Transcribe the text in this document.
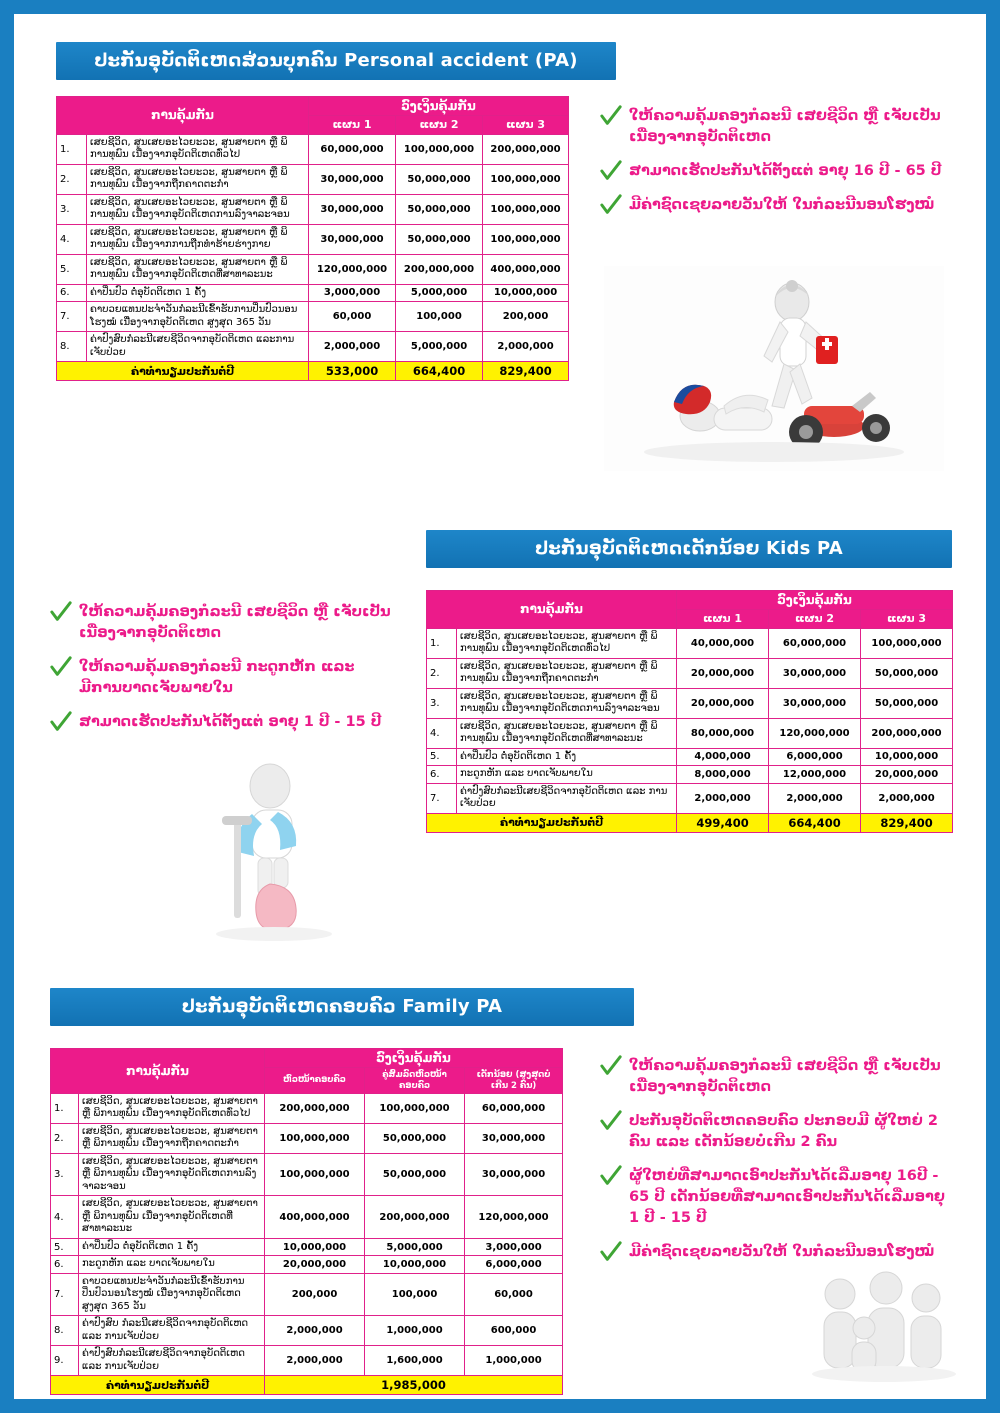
ປະກັນອຸບັດຕິເຫດສ່ວນບຸກຄົນ Personal accident (PA)
ການຄຸ້ມກັນ		ວົງເງິນຄຸ້ມກັນ		
		ແຜນ 1	ແຜນ 2	ແຜນ 3
1.	ເສຍຊີວິດ, ສູນເສຍອະໄວຍະວະ, ສູນສາຍຕາ ຫຼື ພິການທຸພົນ ເນື່ອງຈາກອຸບັດຕິເຫດທົ່ວໄປ	60,000,000	100,000,000	200,000,000
2.	ເສຍຊີວິດ, ສູນເສຍອະໄວຍະວະ, ສູນສາຍຕາ ຫຼື ພິການທຸພົນ ເນື່ອງຈາກຖືກຄາດຕະກຳ	30,000,000	50,000,000	100,000,000
3.	ເສຍຊີວິດ, ສູນເສຍອະໄວຍະວະ, ສູນສາຍຕາ ຫຼື ພິການທຸພົນ ເນື່ອງຈາກອຸບັດຕິເຫດການລົງຈາລະຈອນ	30,000,000	50,000,000	100,000,000
4.	ເສຍຊີວິດ, ສູນເສຍອະໄວຍະວະ, ສູນສາຍຕາ ຫຼື ພິການທຸພົນ ເນື່ອງຈາກການຖືກທຳຮ້າຍຮ່າງກາຍ	30,000,000	50,000,000	100,000,000
5.	ເສຍຊີວິດ, ສູນເສຍອະໄວຍະວະ, ສູນສາຍຕາ ຫຼື ພິການທຸພົນ ເນື່ອງຈາກອຸບັດຕິເຫດທີ່ສາທາລະນະ	120,000,000	200,000,000	400,000,000
6.	ຄ່າປິ່ນປົວ ຕໍ່ອຸບັດຕິເຫດ 1 ຄັ້ງ	3,000,000	5,000,000	10,000,000
7.	ຄາບວຍແທນປະຈຳວັນກໍລະນີເຂົ້າຮັບການປິ່ນປົວນອນໂຮງໝໍ ເນື່ອງຈາກອຸບັດຕິເຫດ ສູງສຸດ 365 ວັນ	60,000	100,000	200,000
8.	ຄ່າປົງສົບກໍລະນີເສຍຊີວິດຈາກອຸບັດຕິເຫດ ແລະການເຈັບປ່ວຍ	2,000,000	5,000,000	2,000,000
ຄ່າທຳນຽມປະກັນຕໍ່ປີ		533,000	664,400	829,400
ໃຫ້ຄວາມຄຸ້ມຄອງກໍລະນີ ເສຍຊີວິດ ຫຼື ເຈັບເປັນ ເນື່ອງຈາກອຸບັດຕິເຫດ
ສາມາດເຮັດປະກັນໄດ້ຕັ້ງແຕ່ ອາຍຸ 16 ປີ - 65 ປີ
ມີຄ່າຊົດເຊຍລາຍວັນໃຫ້ ໃນກໍລະນີນອນໂຮງໝໍ
ປະກັນອຸບັດຕິເຫດເດັກນ້ອຍ Kids PA
ການຄຸ້ມກັນ		ວົງເງິນຄຸ້ມກັນ		
		ແຜນ 1	ແຜນ 2	ແຜນ 3
1.	ເສຍຊີວິດ, ສູນເສຍອະໄວຍະວະ, ສູນສາຍຕາ ຫຼື ພິການທຸພົນ ເນື່ອງຈາກອຸບັດຕິເຫດທົ່ວໄປ	40,000,000	60,000,000	100,000,000
2.	ເສຍຊີວິດ, ສູນເສຍອະໄວຍະວະ, ສູນສາຍຕາ ຫຼື ພິການທຸພົນ ເນື່ອງຈາກຖືກຄາດຕະກຳ	20,000,000	30,000,000	50,000,000
3.	ເສຍຊີວິດ, ສູນເສຍອະໄວຍະວະ, ສູນສາຍຕາ ຫຼື ພິການທຸພົນ ເນື່ອງຈາກອຸບັດຕິເຫດການລົງຈາລະຈອນ	20,000,000	30,000,000	50,000,000
4.	ເສຍຊີວິດ, ສູນເສຍອະໄວຍະວະ, ສູນສາຍຕາ ຫຼື ພິການທຸພົນ ເນື່ອງຈາກອຸບັດຕິເຫດທີ່ສາທາລະນະ	80,000,000	120,000,000	200,000,000
5.	ຄ່າປິ່ນປົວ ຕໍ່ອຸບັດຕິເຫດ 1 ຄັ້ງ	4,000,000	6,000,000	10,000,000
6.	ກະດູກຫັກ ແລະ ບາດເຈັບພາຍໃນ	8,000,000	12,000,000	20,000,000
7.	ຄ່າປົງສົບກໍລະນີເສຍຊີວິດຈາກອຸບັດຕິເຫດ ແລະ ການເຈັບປ່ວຍ	2,000,000	2,000,000	2,000,000
ຄ່າທຳນຽມປະກັນຕໍ່ປີ		499,400	664,400	829,400
ໃຫ້ຄວາມຄຸ້ມຄອງກໍລະນີ ເສຍຊີວິດ ຫຼື ເຈັບເປັນ ເນື່ອງຈາກອຸບັດຕິເຫດ
ໃຫ້ຄວາມຄຸ້ມຄອງກໍລະນີ ກະດູກຫັກ ແລະ ມີການບາດເຈັບພາຍໃນ
ສາມາດເຮັດປະກັນໄດ້ຕັ້ງແຕ່ ອາຍຸ 1 ປີ - 15 ປີ
ປະກັນອຸບັດຕິເຫດຄອບຄົວ Family PA
ການຄຸ້ມກັນ		ວົງເງິນຄຸ້ມກັນ		
		ຫົວໜ້າຄອບຄົວ	ຄູ່ສົມລົດຫົວໜ້າຄອບຄົວ	ເດັກນ້ອຍ (ສູງສຸດບໍ່ເກີນ 2 ຄົນ)
1.	ເສຍຊີວິດ, ສູນເສຍອະໄວຍະວະ, ສູນສາຍຕາ ຫຼື ພິການທຸພົນ ເນື່ອງຈາກອຸບັດຕິເຫດທົ່ວໄປ	200,000,000	100,000,000	60,000,000
2.	ເສຍຊີວິດ, ສູນເສຍອະໄວຍະວະ, ສູນສາຍຕາ ຫຼື ພິການທຸພົນ ເນື່ອງຈາກຖືກຄາດຕະກຳ	100,000,000	50,000,000	30,000,000
3.	ເສຍຊີວິດ, ສູນເສຍອະໄວຍະວະ, ສູນສາຍຕາ ຫຼື ພິການທຸພົນ ເນື່ອງຈາກອຸບັດຕິເຫດການລົງຈາລະຈອນ	100,000,000	50,000,000	30,000,000
4.	ເສຍຊີວິດ, ສູນເສຍອະໄວຍະວະ, ສູນສາຍຕາ ຫຼື ພິການທຸພົນ ເນື່ອງຈາກອຸບັດຕິເຫດທີ່ສາທາລະນະ	400,000,000	200,000,000	120,000,000
5.	ຄ່າປິ່ນປົວ ຕໍ່ອຸບັດຕິເຫດ 1 ຄັ້ງ	10,000,000	5,000,000	3,000,000
6.	ກະດູກຫັກ ແລະ ບາດເຈັບພາຍໃນ	20,000,000	10,000,000	6,000,000
7.	ຄາບວຍແທນປະຈຳວັນກໍລະນີເຂົ້າຮັບການປິ່ນປົວນອນໂຮງໝໍ ເນື່ອງຈາກອຸບັດຕິເຫດ ສູງສຸດ 365 ວັນ	200,000	100,000	60,000
8.	ຄ່າປົງສົບ ກໍລະນີເສຍຊີວິດຈາກອຸບັດຕິເຫດ ແລະ ການເຈັບປ່ວຍ	2,000,000	1,000,000	600,000
9.	ຄ່າປົງສົບກໍລະນີເສຍຊີວິດຈາກອຸບັດຕິເຫດ ແລະ ການເຈັບປ່ວຍ	2,000,000	1,600,000	1,000,000
ຄ່າທຳນຽມປະກັນຕໍ່ປີ		1,985,000		
ໃຫ້ຄວາມຄຸ້ມຄອງກໍລະນີ ເສຍຊີວິດ ຫຼື ເຈັບເປັນ ເນື່ອງຈາກອຸບັດຕິເຫດ
ປະກັນອຸບັດຕິເຫດຄອບຄົວ ປະກອບມີ ຜູ້ໃຫຍ່ 2 ຄົນ ແລະ ເດັກນ້ອຍບໍ່ເກີນ 2 ຄົນ
ຜູ້ໃຫຍ່ທີ່ສາມາດເອົາປະກັນໄດ້ເລີ່ມອາຍຸ 16ປີ - 65 ປີ ເດັກນ້ອຍທີ່ສາມາດເອົາປະກັນໄດ້ເລີ່ມອາຍຸ 1 ປີ - 15 ປີ
ມີຄ່າຊົດເຊຍລາຍວັນໃຫ້ ໃນກໍລະນີນອນໂຮງໝໍ
